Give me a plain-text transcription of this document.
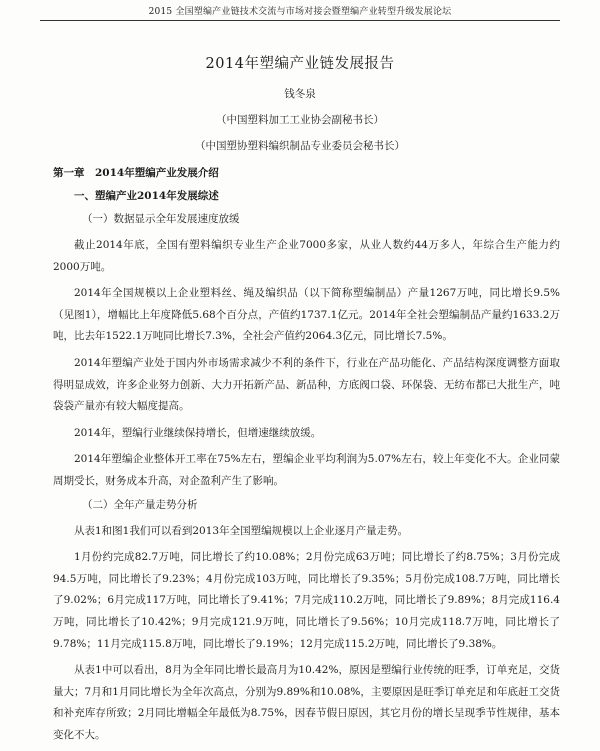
2015 全国塑编产业链技术交流与市场对接会暨塑编产业转型升级发展论坛
2014年塑编产业链发展报告
钱冬泉
（中国塑料加工工业协会副秘书长）
（中国塑协塑料编织制品专业委员会秘书长）
第一章　2014年塑编产业发展介绍
一、塑编产业2014年发展综述
（一）数据显示全年发展速度放缓

截止2014年底，全国有塑料编织专业生产企业7000多家，从业人数约44万多人，年综合生产能力约2000万吨。

2014年全国规模以上企业塑料丝、绳及编织品（以下简称塑编制品）产量1267万吨，同比增长9.5%（见图1），增幅比上年度降低5.68个百分点，产值约1737.1亿元。2014年全社会塑编制品产量约1633.2万吨，比去年1522.1万吨同比增长7.3%，全社会产值约2064.3亿元，同比增长7.5%。

2014年塑编产业处于国内外市场需求减少不利的条件下，行业在产品功能化、产品结构深度调整方面取得明显成效，许多企业努力创新、大力开拓新产品、新品种，方底阀口袋、环保袋、无纺布都已大批生产，吨袋袋产量亦有较大幅度提高。

2014年，塑编行业继续保持增长，但增速继续放缓。

2014年塑编企业整体开工率在75%左右，塑编企业平均利润为5.07%左右，较上年变化不大。企业同蒙周期受长，财务成本升高，对企盈利产生了影响。

（二）全年产量走势分析

从表1和图1我们可以看到2013年全国塑编规模以上企业逐月产量走势。

1月份约完成82.7万吨，同比增长了约10.08%；2月份完成63万吨；同比增长了约8.75%；3月份完成94.5万吨，同比增长了9.23%；4月份完成103万吨，同比增长了9.35%；5月份完成108.7万吨，同比增长了9.02%；6月完成117万吨，同比增长了9.41%；7月完成110.2万吨，同比增长了9.89%；8月完成116.4万吨，同比增长了10.42%；9月完成121.9万吨，同比增长了9.56%；10月完成118.7万吨，同比增长了9.78%；11月完成115.8万吨，同比增长了9.19%；12月完成115.2万吨，同比增长了9.38%。

从表1中可以看出，8月为全年同比增长最高月为10.42%，原因是塑编行业传统的旺季，订单充足，交货量大；7月和1月同比增长为全年次高点，分别为9.89%和10.08%，主要原因是旺季订单充足和年底赶工交货和补充库存所致；2月同比增幅全年最低为8.75%，因春节假日原因，其它月份的增长呈现季节性规律，基本变化不大。
